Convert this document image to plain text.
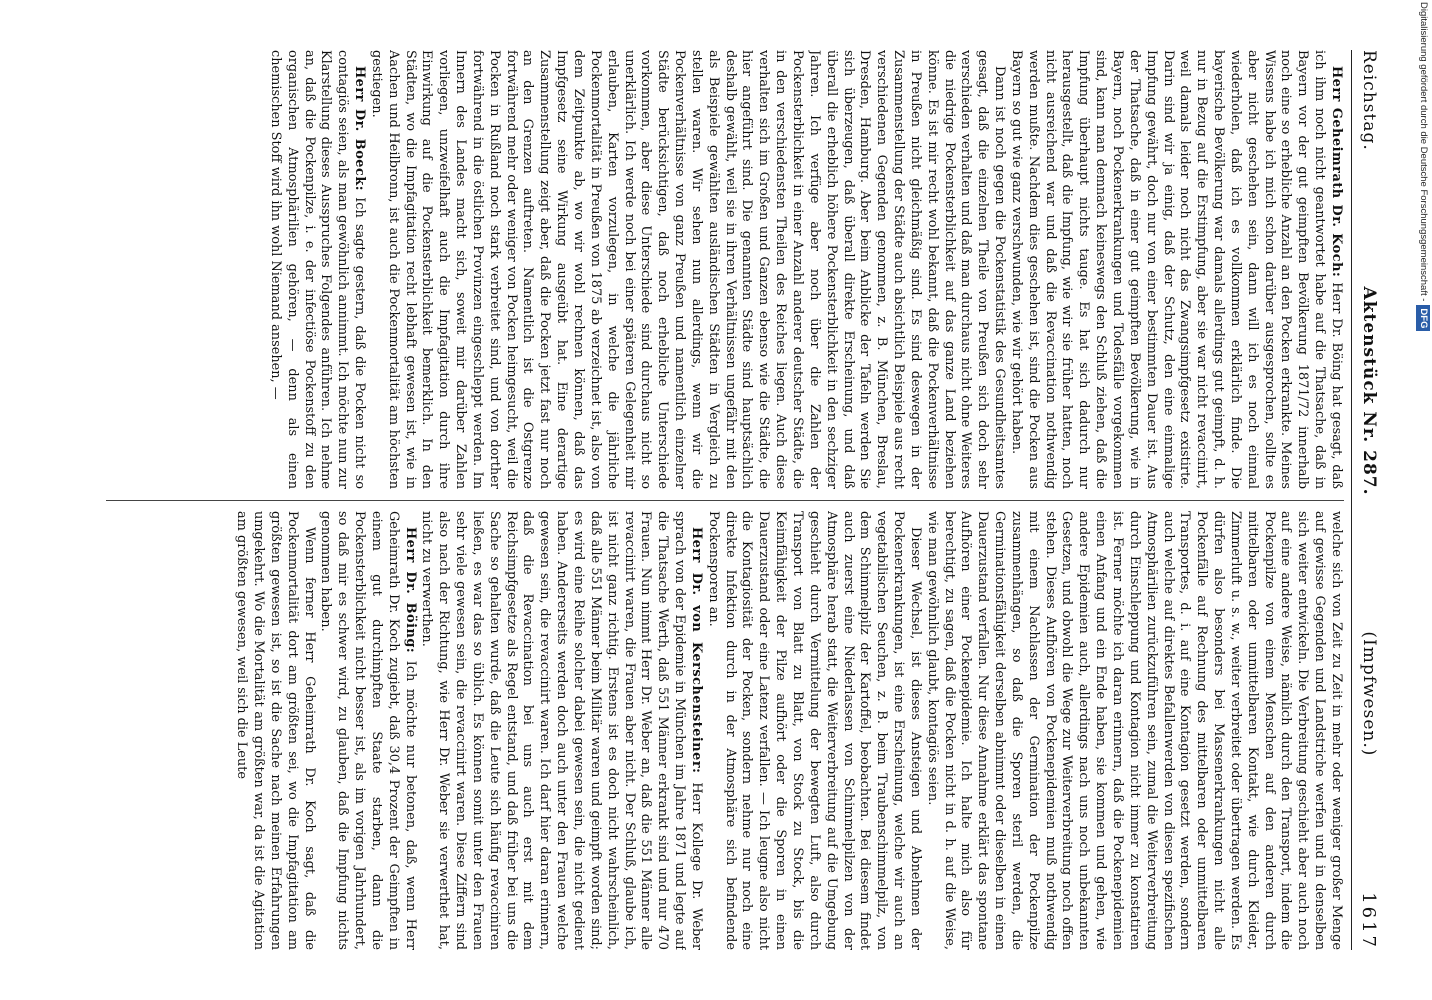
Reichstag.
Aktenstück Nr. 287.
(Impfwesen.)
1617

Herr Geheimrath Dr. Koch: Herr Dr. Böing hat gesagt, daß ich ihm noch nicht geantwortet habe auf die Thatsache, daß in Bayern vor der gut geimpften Bevölkerung 1871/72 innerhalb noch eine so erhebliche Anzahl an den Pocken erkrankte. Meines Wissens habe ich mich schon darüber ausgesprochen, sollte es aber nicht geschehen sein, dann will ich es noch einmal wiederholen, daß ich es vollkommen erklärlich finde. Die bayerische Bevölkerung war damals allerdings gut geimpft, d. h. nur in Bezug auf die Erstimpfung, aber sie war nicht revaccinirt, weil damals leider noch nicht das Zwangsimpfgesetz existirte. Darin sind wir ja einig, daß der Schutz, den eine einmalige Impfung gewährt, doch nur von einer bestimmten Dauer ist. Aus der Thatsache, daß in einer gut geimpften Bevölkerung, wie in Bayern, noch Pockenerkrankungen und Todesfälle vorgekommen sind, kann man demnach keineswegs den Schluß ziehen, daß die Impfung überhaupt nichts tauge. Es hat sich dadurch nur herausgestellt, daß die Impfung, wie wir sie früher hatten, noch nicht ausreichend war und daß die Revaccination nothwendig werden mußte. Nachdem dies geschehen ist, sind die Pocken aus Bayern so gut wie ganz verschwunden, wie wir gehört haben.

Dann ist noch gegen die Pockenstatistik des Gesundheitsamtes gesagt, daß die einzelnen Theile von Preußen sich doch sehr verschieden verhalten und daß man durchaus nicht ohne Weiteres die niedrige Pockensterblichkeit auf das ganze Land beziehen könne. Es ist mir recht wohl bekannt, daß die Pockenverhältnisse in Preußen nicht gleichmäßig sind. Es sind deswegen in der Zusammenstellung der Städte auch absichtlich Beispiele aus recht verschiedenen Gegenden genommen, z. B. München, Breslau, Dresden, Hamburg. Aber beim Anblicke der Tafeln werden Sie sich überzeugen, daß überall direkte Erscheinung, und daß überall die erheblich höhere Pockensterblichkeit in den sechziger Jahren. Ich verfüge aber noch über die Zahlen der Pockensterblichkeit in einer Anzahl anderer deutscher Städte, die in den verschiedensten Theilen des Reiches liegen. Auch diese verhalten sich im Großen und Ganzen ebenso wie die Städte, die hier angeführt sind. Die genannten Städte sind hauptsächlich deshalb gewählt, weil sie in ihren Verhältnissen ungefähr mit den als Beispiele gewählten ausländischen Städten in Vergleich zu stellen waren. Wir sehen nun allerdings, wenn wir die Pockenverhältnisse von ganz Preußen und namentlich einzelner Städte berücksichtigen, daß noch erhebliche Unterschiede vorkommen, aber diese Unterschiede sind durchaus nicht so unerklärlich. Ich werde noch bei einer späteren Gelegenheit mir erlauben, Karten vorzulegen, in welche die jährliche Pockenmortalität in Preußen von 1875 ab verzeichnet ist, also von dem Zeitpunkte ab, wo wir wohl rechnen können, daß das Impfgesetz seine Wirkung ausgeübt hat. Eine derartige Zusammenstellung zeigt aber, daß die Pocken jetzt fast nur noch an den Grenzen auftreten. Namentlich ist die Ostgrenze fortwährend mehr oder weniger von Pocken heimgesucht, weil die Pocken in Rußland noch stark verbreitet sind, und von dorther fortwährend in die östlichen Provinzen eingeschleppt werden. Im Innern des Landes macht sich, soweit mir darüber Zahlen vorliegen, unzweifelhaft auch die Impfagitation durch ihre Einwirkung auf die Pockensterblichkeit bemerklich. In den Städten, wo die Impfagitation recht lebhaft gewesen ist, wie in Aachen und Heilbronn, ist auch die Pockenmortalität am höchsten gestiegen.

Herr Dr. Boeck: Ich sagte gestern, daß die Pocken nicht so contagiös seien, als man gewöhnlich annimmt. Ich möchte nun zur Klarstellung dieses Ausspruches Folgendes anführen. Ich nehme an, daß die Pockenpilze, i. e. der infectiöse Pockenstoff zu den organischen Atmosphärilien gehören, — denn als einen chemischen Stoff wird ihn wohl Niemand ansehen, —

welche sich von Zeit zu Zeit in mehr oder weniger großer Menge auf gewisse Gegenden und Landstriche werfen und in denselben sich weiter entwickeln. Die Verbreitung geschieht aber auch noch auf eine andere Weise, nämlich durch den Transport, indem die Pockenpilze von einem Menschen auf den anderen durch mittelbaren oder unmittelbaren Kontakt, wie durch Kleider, Zimmerluft u. s. w., weiter verbreitet oder übertragen werden. Es dürfen also besonders bei Massenerkrankungen nicht alle Pockenfälle auf Rechnung des mittelbaren oder unmittelbaren Transportes, d. i. auf eine Kontagion gesetzt werden, sondern auch welche auf direktes Befallenwerden von diesen spezifischen Atmosphärilien zurückzuführen sein, zumal die Weiterverbreitung durch Einschleppung und Kontagion nicht immer zu konstatiren ist. Ferner möchte ich daran erinnern, daß die Pockenepidemien einen Anfang und ein Ende haben, sie kommen und gehen, wie andere Epidemien auch, allerdings nach uns noch unbekannten Gesetzen, und obwohl die Wege zur Weiterverbreitung noch offen stehen. Dieses Aufhören von Pockenepidemien muß nothwendig mit einem Nachlassen der Germination der Pockenpilze zusammenhängen, so daß die Sporen steril werden, die Germinationsfähigkeit derselben abnimmt oder dieselben in einen Dauerzustand verfallen. Nur diese Annahme erklärt das spontane Aufhören einer Pockenepidemie. Ich halte mich also für berechtigt, zu sagen, daß die Pocken nicht in d. h. auf die Weise, wie man gewöhnlich glaubt, kontagiös seien.

Dieser Wechsel, ist dieses Ansteigen und Abnehmen der Pockenerkrankungen, ist eine Erscheinung, welche wir auch an vegetabilischen Seuchen, z. B. beim Traubenschimmelpilz, von dem Schimmelpilz der Kartoffel, beobachten. Bei diesem findet auch zuerst eine Niederlassen von Schimmelpilzen von der Atmosphäre herab statt, die Weiterverbreitung auf die Umgebung geschieht durch Vermittelung der bewegten Luft, also durch Transport von Blatt zu Blatt, von Stock zu Stock, bis die Keimfähigkeit der Pilze aufhört oder die Sporen in einen Dauerzustand oder eine Latenz verfallen. — Ich leugne also nicht die Kontagiosität der Pocken, sondern nehme nur noch eine direkte Infektion durch in der Atmosphäre sich befindende Pockensporen an.

Herr Dr. von Kerschensteiner: Herr Kollege Dr. Weber sprach von der Epidemie in München im Jahre 1871 und legte auf die Thatsache Werth, daß 551 Männer erkrankt sind und nur 470 Frauen. Nun nimmt Herr Dr. Weber an, daß die 551 Männer alle revaccinirt waren, die Frauen aber nicht. Der Schluß, glaube ich, ist nicht ganz richtig. Erstens ist es doch nicht wahrscheinlich, daß alle 551 Männer beim Militär waren und geimpft worden sind; es wird eine Reihe solcher dabei gewesen sein, die nicht gedient haben. Andererseits werden doch auch unter den Frauen welche gewesen sein, die revaccinirt waren. Ich darf hier daran erinnern, daß die Revaccination bei uns auch erst mit dem Reichsimpfgesetze als Regel entstand, und daß früher bei uns die Sache so gehalten wurde, daß die Leute sich häufig revacciniren ließen, es war das so üblich. Es können somit unter den Frauen sehr viele gewesen sein, die revaccinirt waren. Diese Ziffern sind also nach der Richtung, wie Herr Dr. Weber sie verwerthet hat, nicht zu verwerthen.

Herr Dr. Böing: Ich möchte nur betonen, daß, wenn Herr Geheimrath Dr. Koch zugiebt, daß 30,4 Prozent der Geimpften in einem gut durchimpften Staate starben, dann die Pockensterblichkeit nicht besser ist, als im vorigen Jahrhundert, so daß mir es schwer wird, zu glauben, daß die Impfung nichts genommen haben.

Wenn ferner Herr Geheimrath Dr. Koch sagt, daß die Pockenmortalität dort am größten sei, wo die Impfagitation am größten gewesen ist, so ist die Sache nach meinen Erfahrungen umgekehrt. Wo die Mortalität am größten war, da ist die Agitation am größten gewesen, weil sich die Leute

Digitalisierung gefördert durch die Deutsche Forschungsgemeinschaft -DFG
